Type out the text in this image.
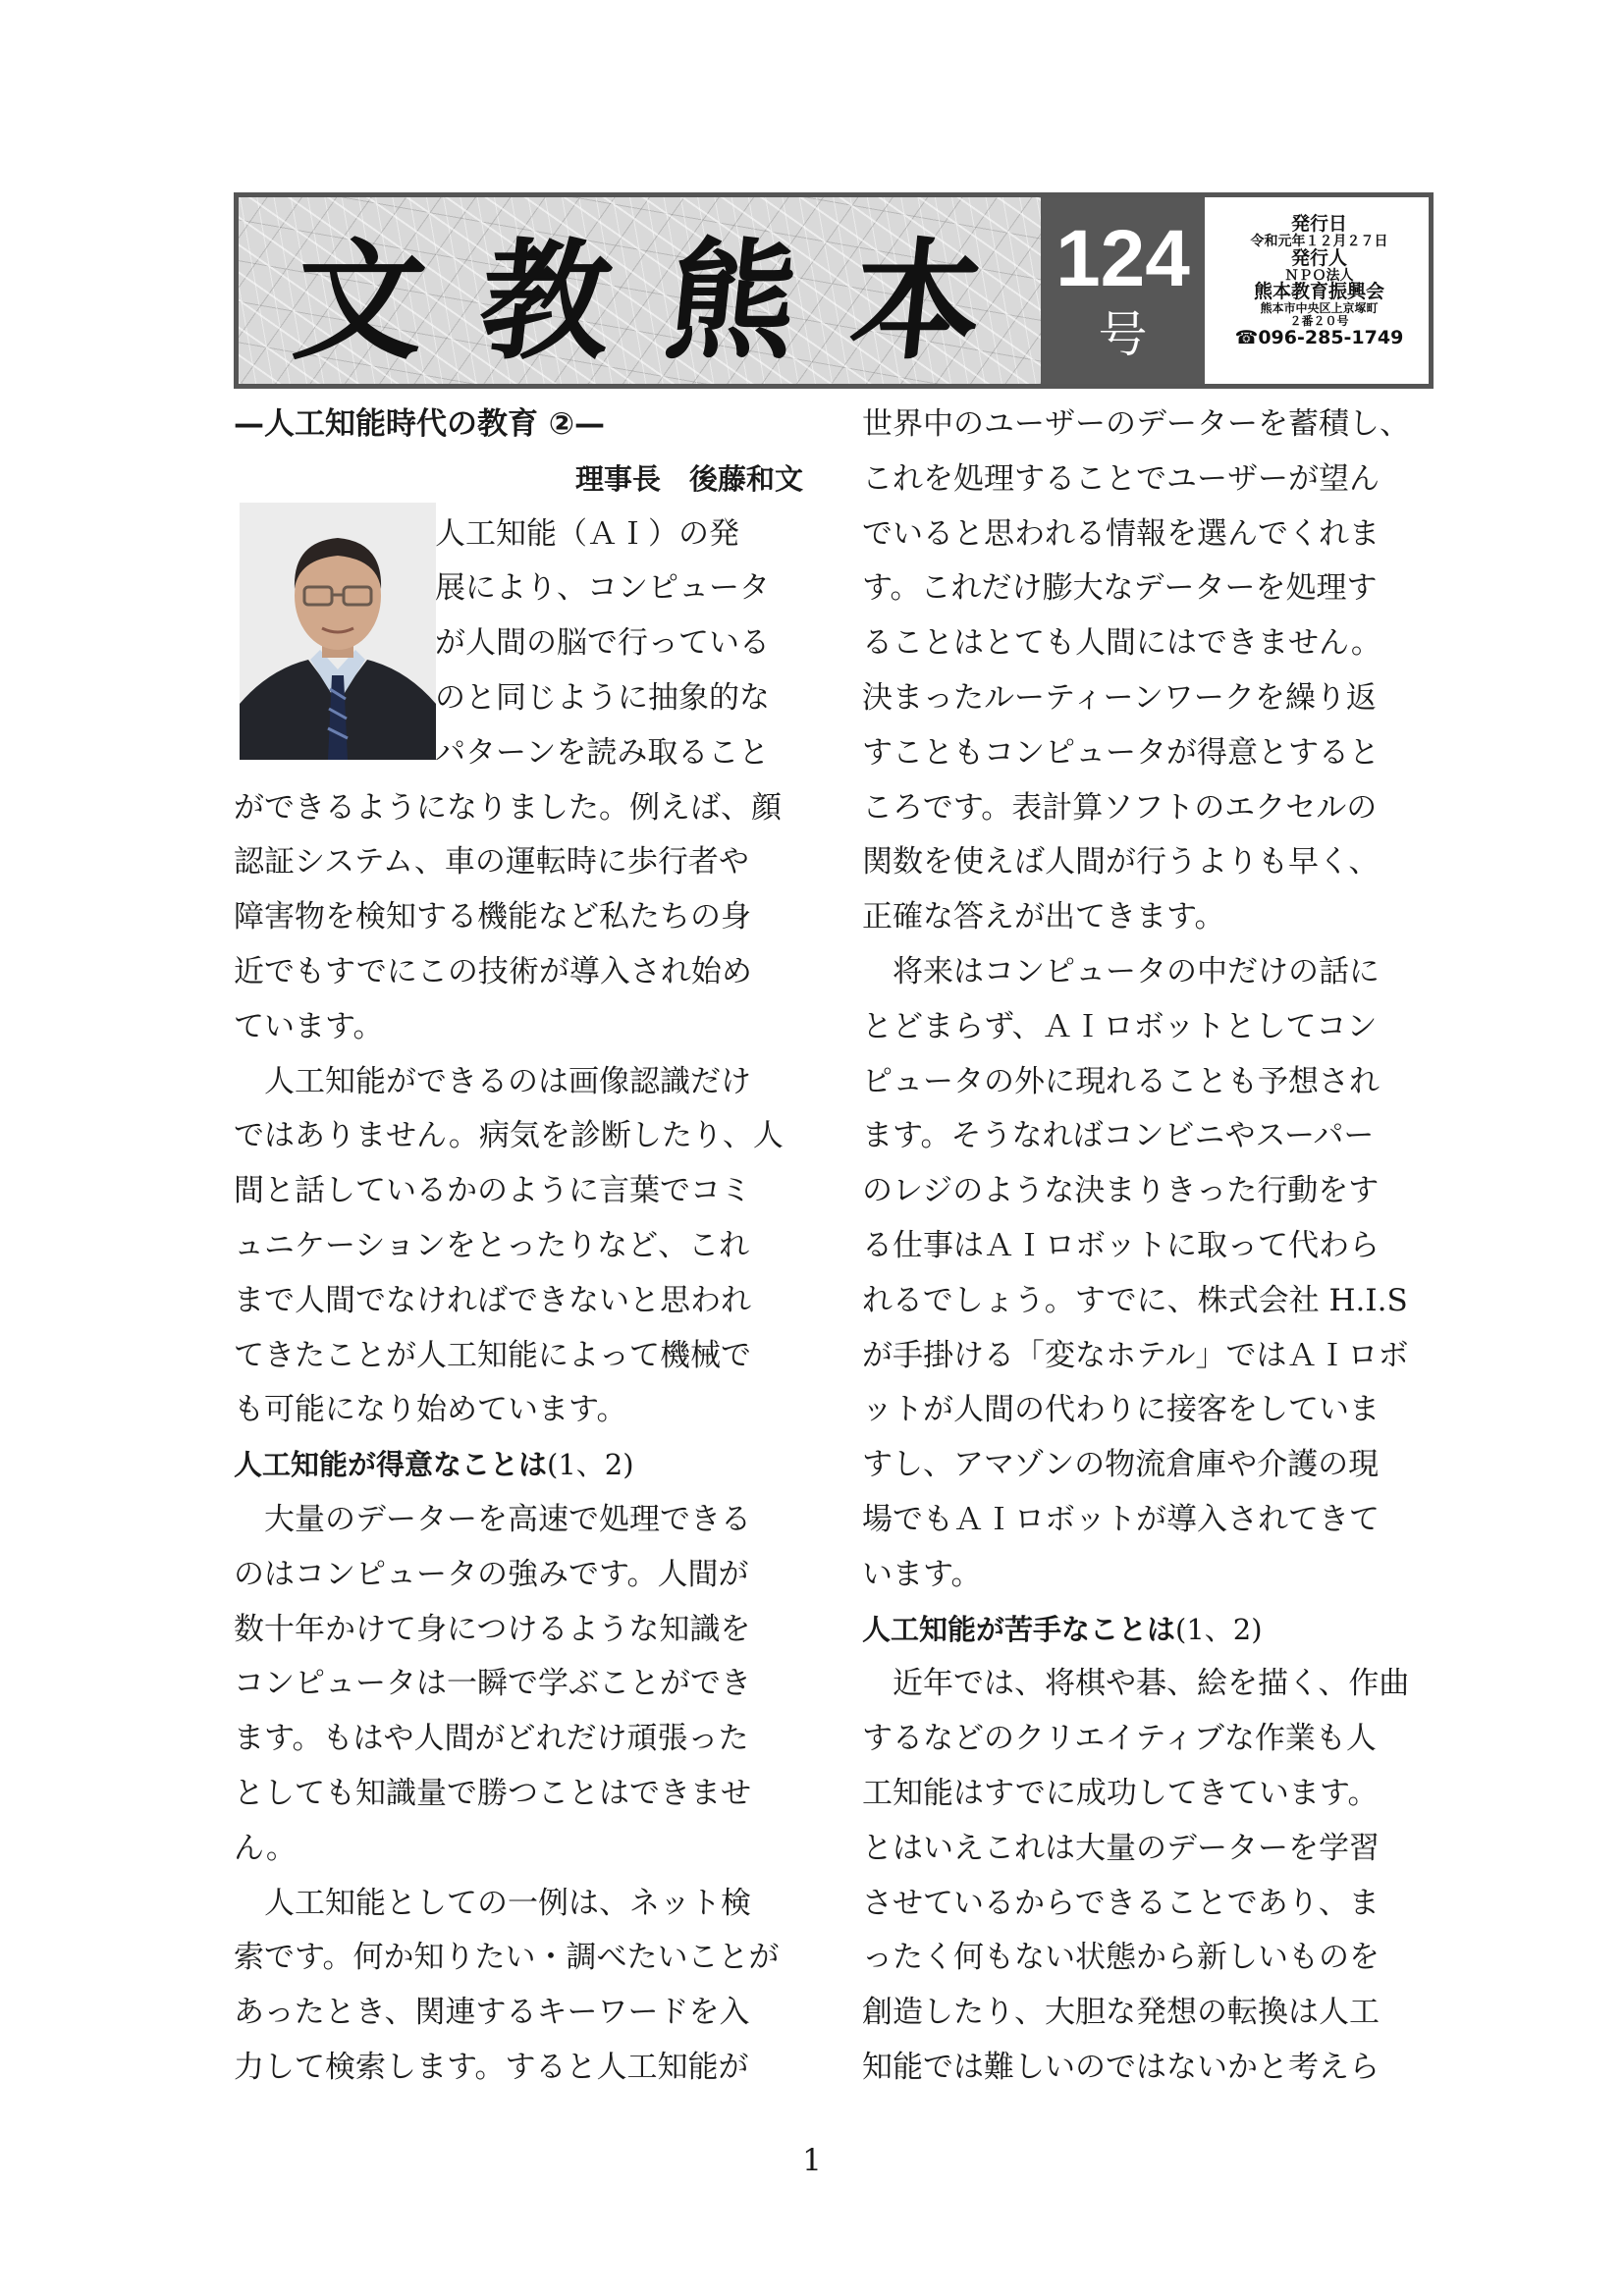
文 教 熊 本 124
号
発行日
令和元年１２月２７日
発行人
ＮＰＯ法人
熊本教育振興会
熊本市中央区上京塚町
２番２０号
☎096-285-1749
—人工知能時代の教育 ②—
理事長　後藤和文
人工知能（ＡＩ）の発
展により、コンピュータ
が人間の脳で行っている
のと同じように抽象的な
パターンを読み取ること
ができるようになりました。例えば、顔
認証システム、車の運転時に歩行者や
障害物を検知する機能など私たちの身
近でもすでにこの技術が導入され始め
ています。
　人工知能ができるのは画像認識だけ
ではありません。病気を診断したり、人
間と話しているかのように言葉でコミ
ュニケーションをとったりなど、これ
まで人間でなければできないと思われ
てきたことが人工知能によって機械で
も可能になり始めています。
人工知能が得意なことは(1、2)
　大量のデーターを高速で処理できる
のはコンピュータの強みです。人間が
数十年かけて身につけるような知識を
コンピュータは一瞬で学ぶことができ
ます。もはや人間がどれだけ頑張った
としても知識量で勝つことはできませ
ん。
　人工知能としての一例は、ネット検
索です。何か知りたい・調べたいことが
あったとき、関連するキーワードを入
力して検索します。すると人工知能が
世界中のユーザーのデーターを蓄積し、
これを処理することでユーザーが望ん
でいると思われる情報を選んでくれま
す。これだけ膨大なデーターを処理す
ることはとても人間にはできません。
決まったルーティーンワークを繰り返
すこともコンピュータが得意とすると
ころです。表計算ソフトのエクセルの
関数を使えば人間が行うよりも早く、
正確な答えが出てきます。
　将来はコンピュータの中だけの話に
とどまらず、ＡＩロボットとしてコン
ピュータの外に現れることも予想され
ます。そうなればコンビニやスーパー
のレジのような決まりきった行動をす
る仕事はＡＩロボットに取って代わら
れるでしょう。すでに、株式会社 H.I.S
が手掛ける「変なホテル」ではＡＩロボ
ットが人間の代わりに接客をしていま
すし、アマゾンの物流倉庫や介護の現
場でもＡＩロボットが導入されてきて
います。
人工知能が苦手なことは(1、2)
　近年では、将棋や碁、絵を描く、作曲
するなどのクリエイティブな作業も人
工知能はすでに成功してきています。
とはいえこれは大量のデーターを学習
させているからできることであり、ま
ったく何もない状態から新しいものを
創造したり、大胆な発想の転換は人工
知能では難しいのではないかと考えら
1
